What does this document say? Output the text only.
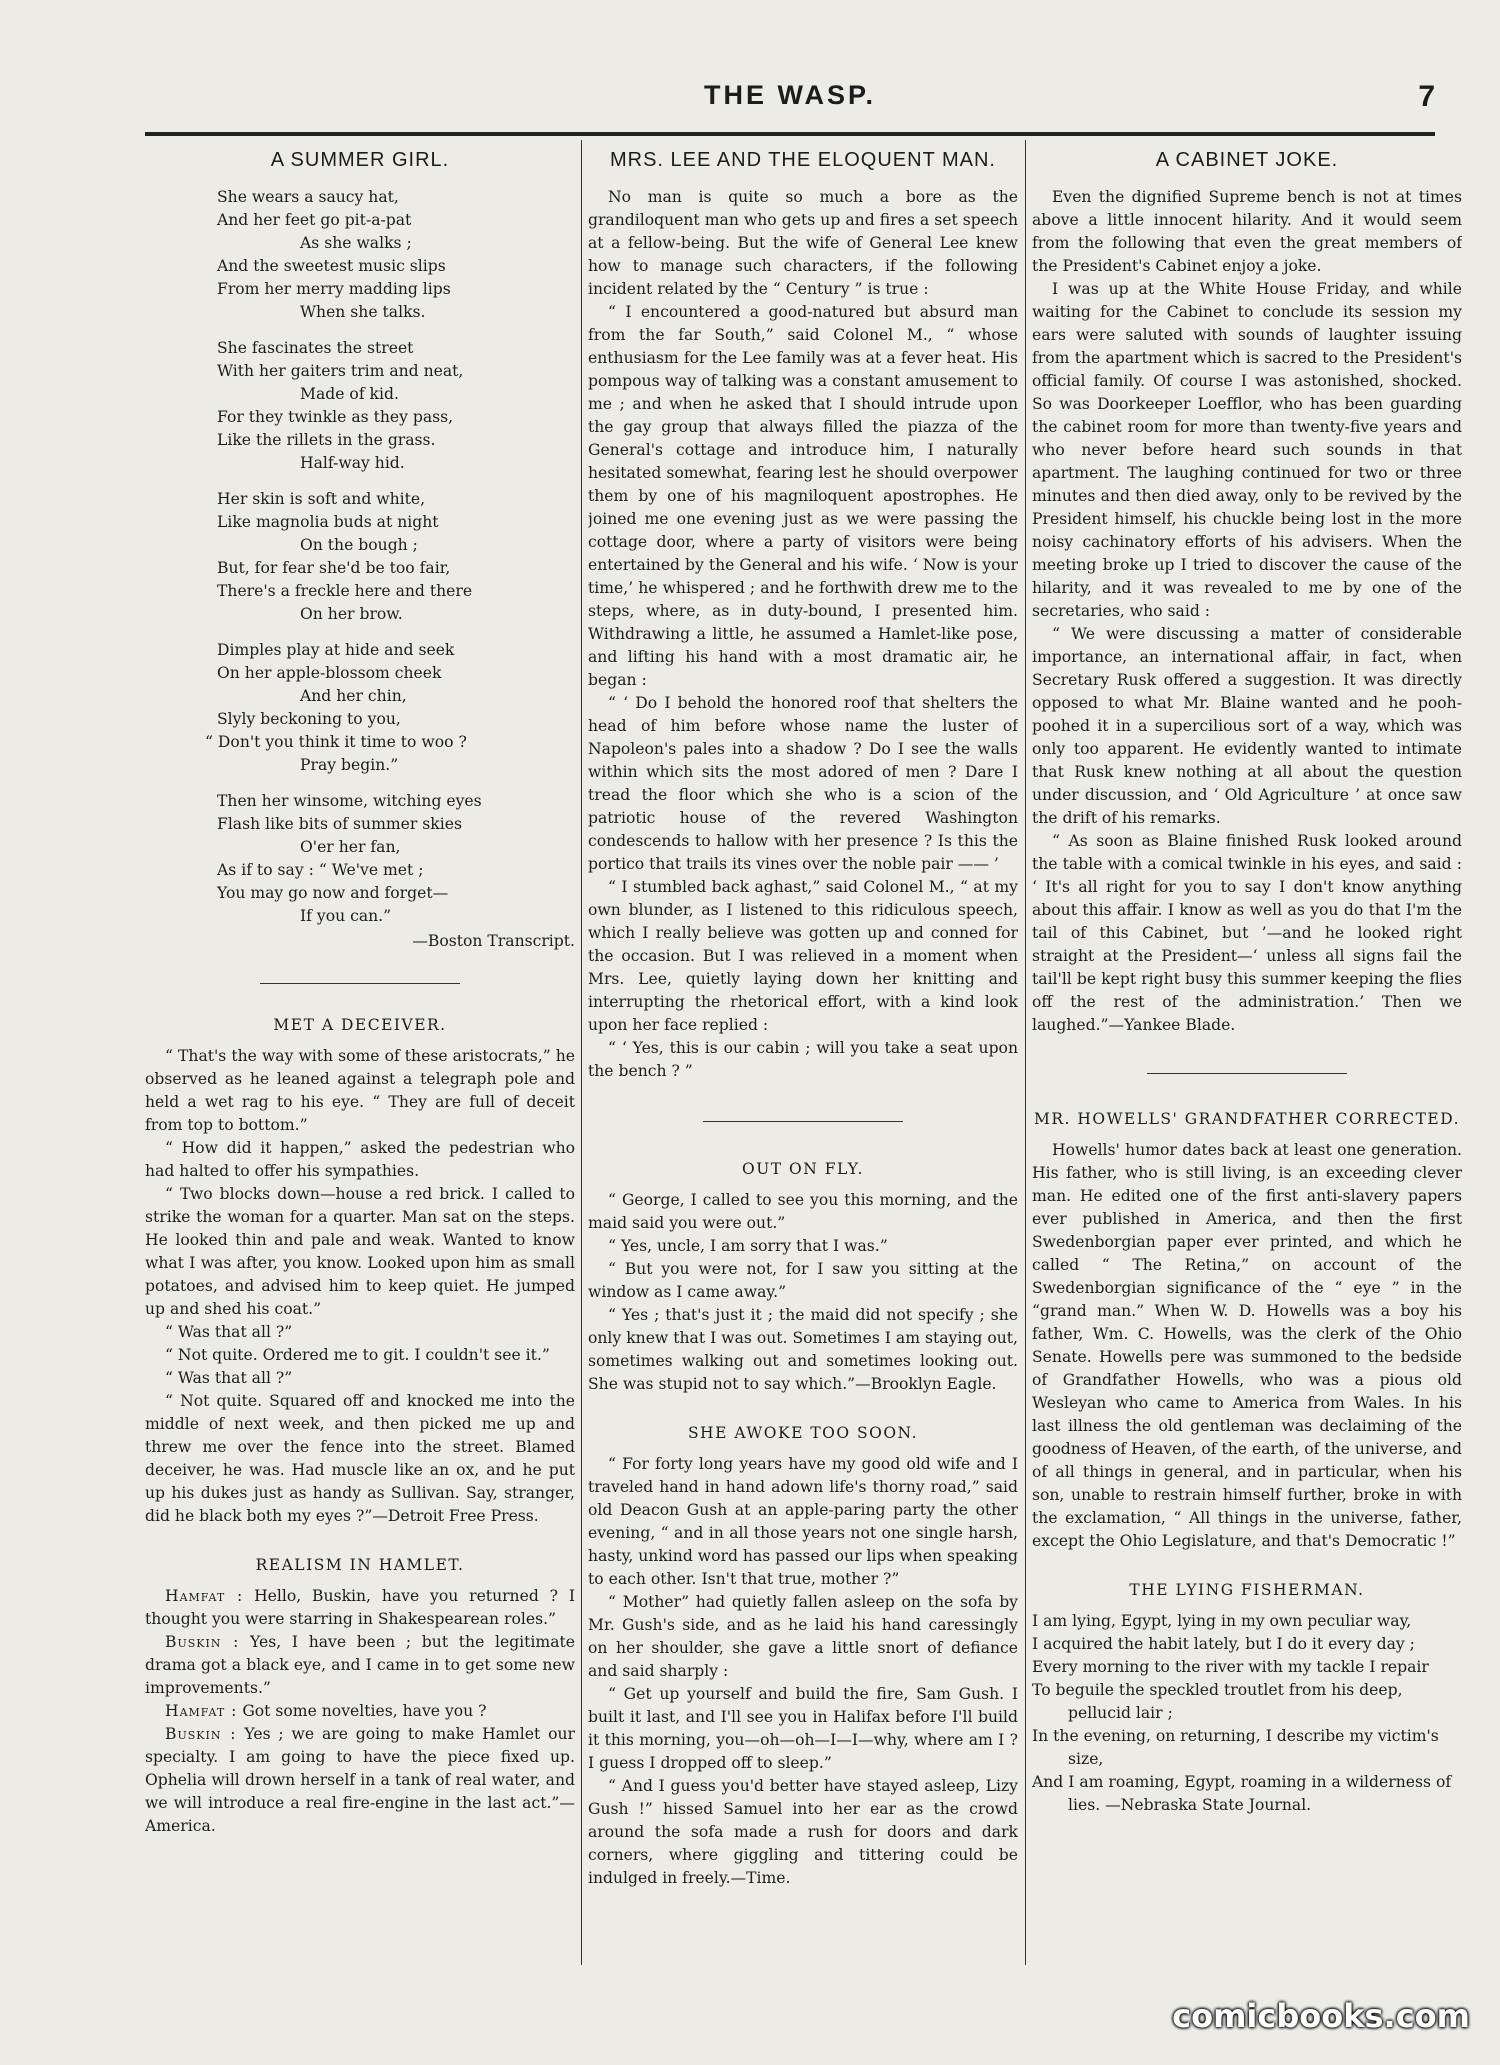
THE WASP.	7
A SUMMER GIRL.
She wears a saucy hat,
And her feet go pit-a-pat
As she walks ;
And the sweetest music slips
From her merry madding lips
When she talks.
She fascinates the street
With her gaiters trim and neat,
Made of kid.
For they twinkle as they pass,
Like the rillets in the grass.
Half-way hid.
Her skin is soft and white,
Like magnolia buds at night
On the bough ;
But, for fear she'd be too fair,
There's a freckle here and there
On her brow.
Dimples play at hide and seek
On her apple-blossom cheek
And her chin,
Slyly beckoning to you,
“ Don't you think it time to woo ?
Pray begin.”
Then her winsome, witching eyes
Flash like bits of summer skies
O'er her fan,
As if to say : “ We've met ;
You may go now and forget—
If you can.”
—Boston Transcript.
MET A DECEIVER.

“ That's the way with some of these aristocrats,” he observed as he leaned against a telegraph pole and held a wet rag to his eye. “ They are full of deceit from top to bottom.”

“ How did it happen,” asked the pedestrian who had halted to offer his sympathies.

“ Two blocks down—house a red brick. I called to strike the woman for a quarter. Man sat on the steps. He looked thin and pale and weak. Wanted to know what I was after, you know. Looked upon him as small potatoes, and advised him to keep quiet. He jumped up and shed his coat.”

“ Was that all ?”

“ Not quite. Ordered me to git. I couldn't see it.”

“ Was that all ?”

“ Not quite. Squared off and knocked me into the middle of next week, and then picked me up and threw me over the fence into the street. Blamed deceiver, he was. Had muscle like an ox, and he put up his dukes just as handy as Sullivan. Say, stranger, did he black both my eyes ?”—Detroit Free Press.

REALISM IN HAMLET.

Hamfat : Hello, Buskin, have you returned ? I thought you were starring in Shakespearean roles.”

Buskin : Yes, I have been ; but the legitimate drama got a black eye, and I came in to get some new improvements.”

Hamfat : Got some novelties, have you ?

Buskin : Yes ; we are going to make Hamlet our specialty. I am going to have the piece fixed up. Ophelia will drown herself in a tank of real water, and we will introduce a real fire-engine in the last act.”—America.

MRS. LEE AND THE ELOQUENT MAN.

No man is quite so much a bore as the grandiloquent man who gets up and fires a set speech at a fellow-being. But the wife of General Lee knew how to manage such characters, if the following incident related by the “ Century ” is true :

“ I encountered a good-natured but absurd man from the far South,” said Colonel M., “ whose enthusiasm for the Lee family was at a fever heat. His pompous way of talking was a constant amusement to me ; and when he asked that I should intrude upon the gay group that always filled the piazza of the General's cottage and introduce him, I naturally hesitated somewhat, fearing lest he should overpower them by one of his magniloquent apostrophes. He joined me one evening just as we were passing the cottage door, where a party of visitors were being entertained by the General and his wife. ‘ Now is your time,’ he whispered ; and he forthwith drew me to the steps, where, as in duty-bound, I presented him. Withdrawing a little, he assumed a Hamlet-like pose, and lifting his hand with a most dramatic air, he began :

“ ‘ Do I behold the honored roof that shelters the head of him before whose name the luster of Napoleon's pales into a shadow ? Do I see the walls within which sits the most adored of men ? Dare I tread the floor which she who is a scion of the patriotic house of the revered Washington condescends to hallow with her presence ? Is this the portico that trails its vines over the noble pair —— ’

“ I stumbled back aghast,” said Colonel M., “ at my own blunder, as I listened to this ridiculous speech, which I really believe was gotten up and conned for the occasion. But I was relieved in a moment when Mrs. Lee, quietly laying down her knitting and interrupting the rhetorical effort, with a kind look upon her face replied :

“ ‘ Yes, this is our cabin ; will you take a seat upon the bench ? ”

OUT ON FLY.

“ George, I called to see you this morning, and the maid said you were out.”

“ Yes, uncle, I am sorry that I was.”

“ But you were not, for I saw you sitting at the window as I came away.”

“ Yes ; that's just it ; the maid did not specify ; she only knew that I was out. Sometimes I am staying out, sometimes walking out and sometimes looking out. She was stupid not to say which.”—Brooklyn Eagle.

SHE AWOKE TOO SOON.

“ For forty long years have my good old wife and I traveled hand in hand adown life's thorny road,” said old Deacon Gush at an apple-paring party the other evening, “ and in all those years not one single harsh, hasty, unkind word has passed our lips when speaking to each other. Isn't that true, mother ?”

“ Mother” had quietly fallen asleep on the sofa by Mr. Gush's side, and as he laid his hand caressingly on her shoulder, she gave a little snort of defiance and said sharply :

“ Get up yourself and build the fire, Sam Gush. I built it last, and I'll see you in Halifax before I'll build it this morning, you—oh—oh—I—I—why, where am I ? I guess I dropped off to sleep.”

“ And I guess you'd better have stayed asleep, Lizy Gush !” hissed Samuel into her ear as the crowd around the sofa made a rush for doors and dark corners, where giggling and tittering could be indulged in freely.—Time.

A CABINET JOKE.

Even the dignified Supreme bench is not at times above a little innocent hilarity. And it would seem from the following that even the great members of the President's Cabinet enjoy a joke.

I was up at the White House Friday, and while waiting for the Cabinet to conclude its session my ears were saluted with sounds of laughter issuing from the apartment which is sacred to the President's official family. Of course I was astonished, shocked. So was Doorkeeper Loefflor, who has been guarding the cabinet room for more than twenty-five years and who never before heard such sounds in that apartment. The laughing continued for two or three minutes and then died away, only to be revived by the President himself, his chuckle being lost in the more noisy cachinatory efforts of his advisers. When the meeting broke up I tried to discover the cause of the hilarity, and it was revealed to me by one of the secretaries, who said :

“ We were discussing a matter of considerable importance, an international affair, in fact, when Secretary Rusk offered a suggestion. It was directly opposed to what Mr. Blaine wanted and he pooh-poohed it in a supercilious sort of a way, which was only too apparent. He evidently wanted to intimate that Rusk knew nothing at all about the question under discussion, and ‘ Old Agriculture ’ at once saw the drift of his remarks.

“ As soon as Blaine finished Rusk looked around the table with a comical twinkle in his eyes, and said : ‘ It's all right for you to say I don't know anything about this affair. I know as well as you do that I'm the tail of this Cabinet, but ’—and he looked right straight at the President—‘ unless all signs fail the tail'll be kept right busy this summer keeping the flies off the rest of the administration.’ Then we laughed.”—Yankee Blade.

MR. HOWELLS' GRANDFATHER CORRECTED.

Howells' humor dates back at least one generation. His father, who is still living, is an exceeding clever man. He edited one of the first anti-slavery papers ever published in America, and then the first Swedenborgian paper ever printed, and which he called “ The Retina,” on account of the Swedenborgian significance of the “ eye ” in the “grand man.” When W. D. Howells was a boy his father, Wm. C. Howells, was the clerk of the Ohio Senate. Howells pere was summoned to the bedside of Grandfather Howells, who was a pious old Wesleyan who came to America from Wales. In his last illness the old gentleman was declaiming of the goodness of Heaven, of the earth, of the universe, and of all things in general, and in particular, when his son, unable to restrain himself further, broke in with the exclamation, “ All things in the universe, father, except the Ohio Legislature, and that's Democratic !”

THE LYING FISHERMAN.

I am lying, Egypt, lying in my own peculiar way,

I acquired the habit lately, but I do it every day ;

Every morning to the river with my tackle I repair

To beguile the speckled troutlet from his deep, pellucid lair ;

In the evening, on returning, I describe my victim's size,

And I am roaming, Egypt, roaming in a wilderness of lies. —Nebraska State Journal.

comicbooks.com
